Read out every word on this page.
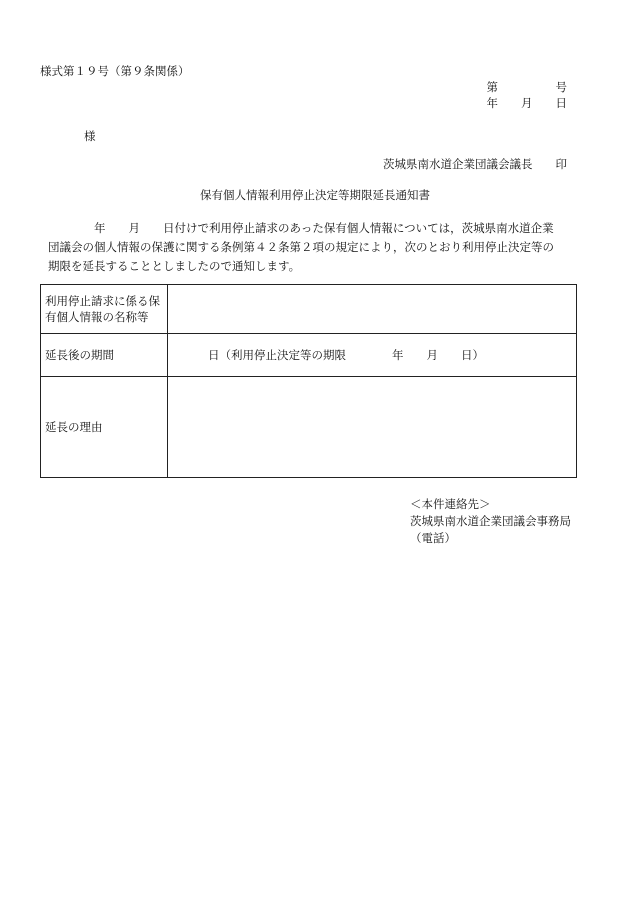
様式第１９号（第９条関係）
第　　　　　号
年　　月　　日
様
茨城県南水道企業団議会議長　　印
保有個人情報利用停止決定等期限延長通知書

　　　　年　　月　　日付けで利用停止請求のあった保有個人情報については，茨城県南水道企業

団議会の個人情報の保護に関する条例第４２条第２項の規定により，次のとおり利用停止決定等の

期限を延長することとしましたので通知します。

利用停止請求に係る保有個人情報の名称等	
延長後の期間	日（利用停止決定等の期限　　　　年　　月　　日）
延長の理由	
＜本件連絡先＞
茨城県南水道企業団議会事務局
（電話）
